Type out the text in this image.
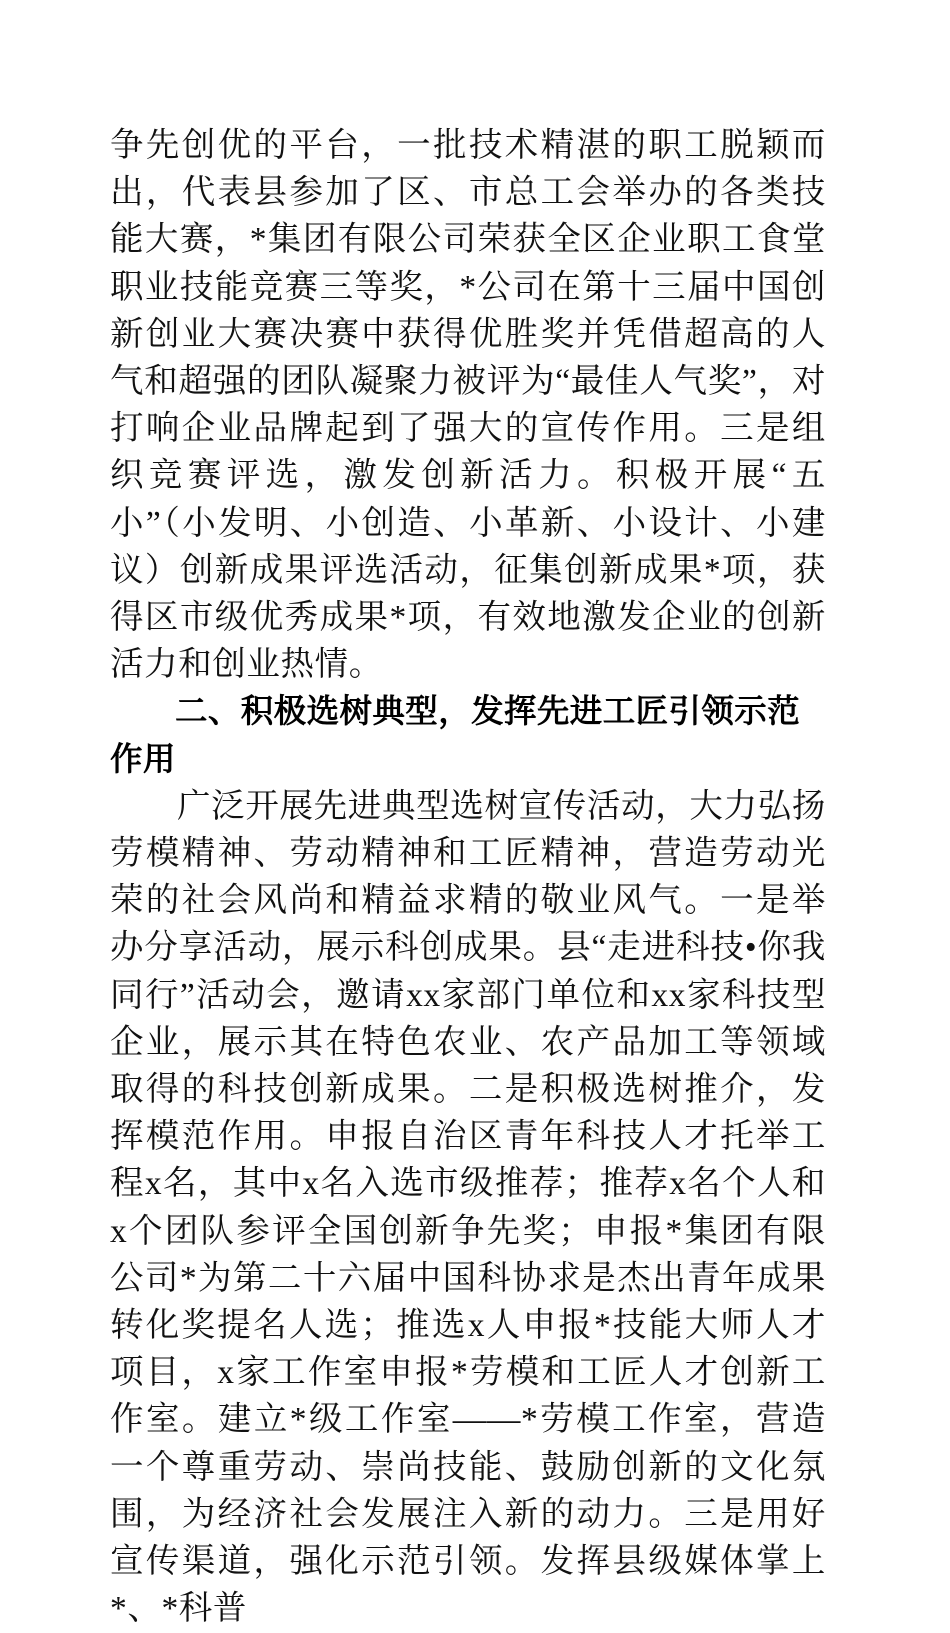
争先创优的平台，一批技术精湛的职工脱颖而出，代表县参加了区、市总工会举办的各类技能大赛，*集团有限公司荣获全区企业职工食堂职业技能竞赛三等奖，*公司在第十三届中国创新创业大赛决赛中获得优胜奖并凭借超高的人气和超强的团队凝聚力被评为“最佳人气奖”，对打响企业品牌起到了强大的宣传作用。三是组织竞赛评选，激发创新活力。积极开展“五小”（小发明、小创造、小革新、小设计、小建议）创新成果评选活动，征集创新成果*项，获得区市级优秀成果*项，有效地激发企业的创新活力和创业热情。

二、积极选树典型，发挥先进工匠引领示范作用

广泛开展先进典型选树宣传活动，大力弘扬劳模精神、劳动精神和工匠精神，营造劳动光荣的社会风尚和精益求精的敬业风气。一是举办分享活动，展示科创成果。县“走进科技•你我同行”活动会，邀请xx家部门单位和xx家科技型企业，展示其在特色农业、农产品加工等领域取得的科技创新成果。二是积极选树推介，发挥模范作用。申报自治区青年科技人才托举工程x名，其中x名入选市级推荐；推荐x名个人和x个团队参评全国创新争先奖；申报*集团有限公司*为第二十六届中国科协求是杰出青年成果转化奖提名人选；推选x人申报*技能大师人才项目，x家工作室申报*劳模和工匠人才创新工作室。建立*级工作室——*劳模工作室，营造一个尊重劳动、崇尚技能、鼓励创新的文化氛围，为经济社会发展注入新的动力。三是用好宣传渠道，强化示范引领。发挥县级媒体掌上*、*科普
